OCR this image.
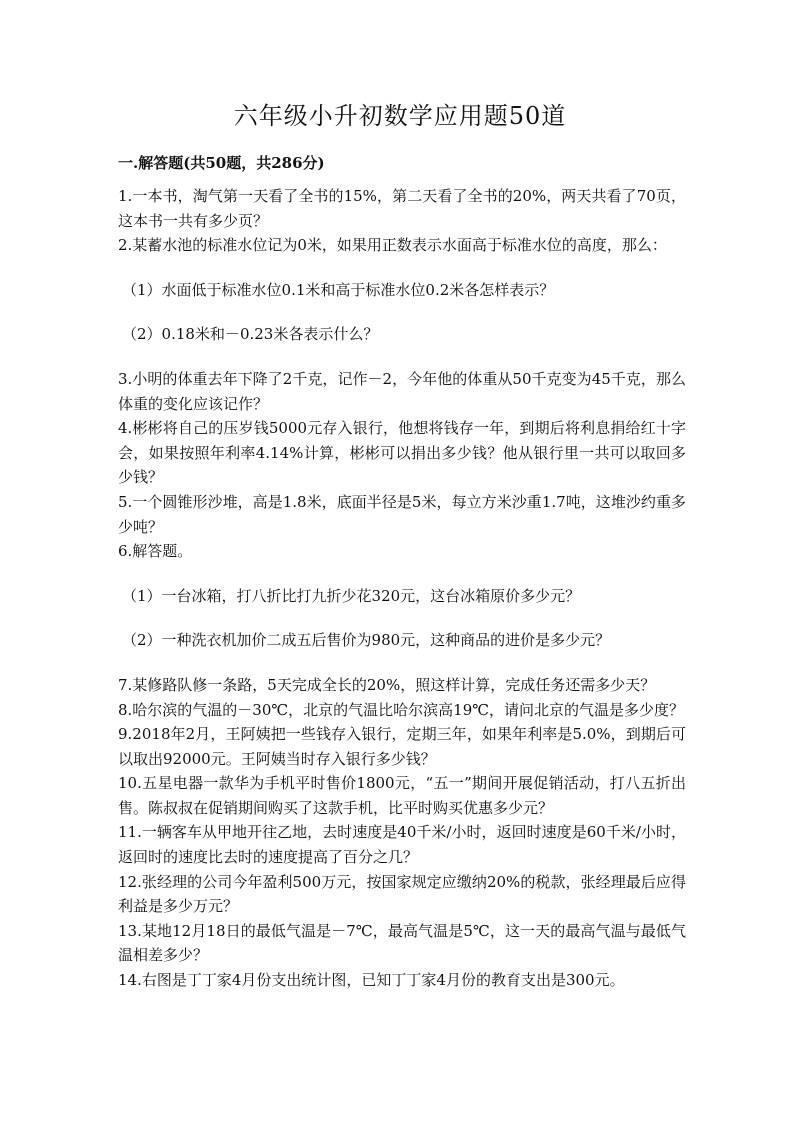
六年级小升初数学应用题50道
一.解答题(共50题，共286分)

1.一本书，淘气第一天看了全书的15%，第二天看了全书的20%，两天共看了70页，这本书一共有多少页？

2.某蓄水池的标准水位记为0米，如果用正数表示水面高于标准水位的高度，那么：

（1）水面低于标准水位0.1米和高于标准水位0.2米各怎样表示？

（2）0.18米和－0.23米各表示什么？

3.小明的体重去年下降了2千克，记作－2，今年他的体重从50千克变为45千克，那么体重的变化应该记作？

4.彬彬将自己的压岁钱5000元存入银行，他想将钱存一年，到期后将利息捐给红十字会，如果按照年利率4.14%计算，彬彬可以捐出多少钱？他从银行里一共可以取回多少钱？

5.一个圆锥形沙堆，高是1.8米，底面半径是5米，每立方米沙重1.7吨，这堆沙约重多少吨？

6.解答题。

（1）一台冰箱，打八折比打九折少花320元，这台冰箱原价多少元？

（2）一种洗衣机加价二成五后售价为980元，这种商品的进价是多少元？

7.某修路队修一条路，5天完成全长的20%，照这样计算，完成任务还需多少天？

8.哈尔滨的气温的－30℃，北京的气温比哈尔滨高19℃，请问北京的气温是多少度？

9.2018年2月，王阿姨把一些钱存入银行，定期三年，如果年利率是5.0%，到期后可以取出92000元。王阿姨当时存入银行多少钱？

10.五星电器一款华为手机平时售价1800元，“五一”期间开展促销活动，打八五折出售。陈叔叔在促销期间购买了这款手机，比平时购买优惠多少元？

11.一辆客车从甲地开往乙地，去时速度是40千米/小时，返回时速度是60千米/小时，返回时的速度比去时的速度提高了百分之几？

12.张经理的公司今年盈利500万元，按国家规定应缴纳20%的税款，张经理最后应得利益是多少万元？

13.某地12月18日的最低气温是－7℃，最高气温是5℃，这一天的最高气温与最低气温相差多少？

14.右图是丁丁家4月份支出统计图，已知丁丁家4月份的教育支出是300元。
